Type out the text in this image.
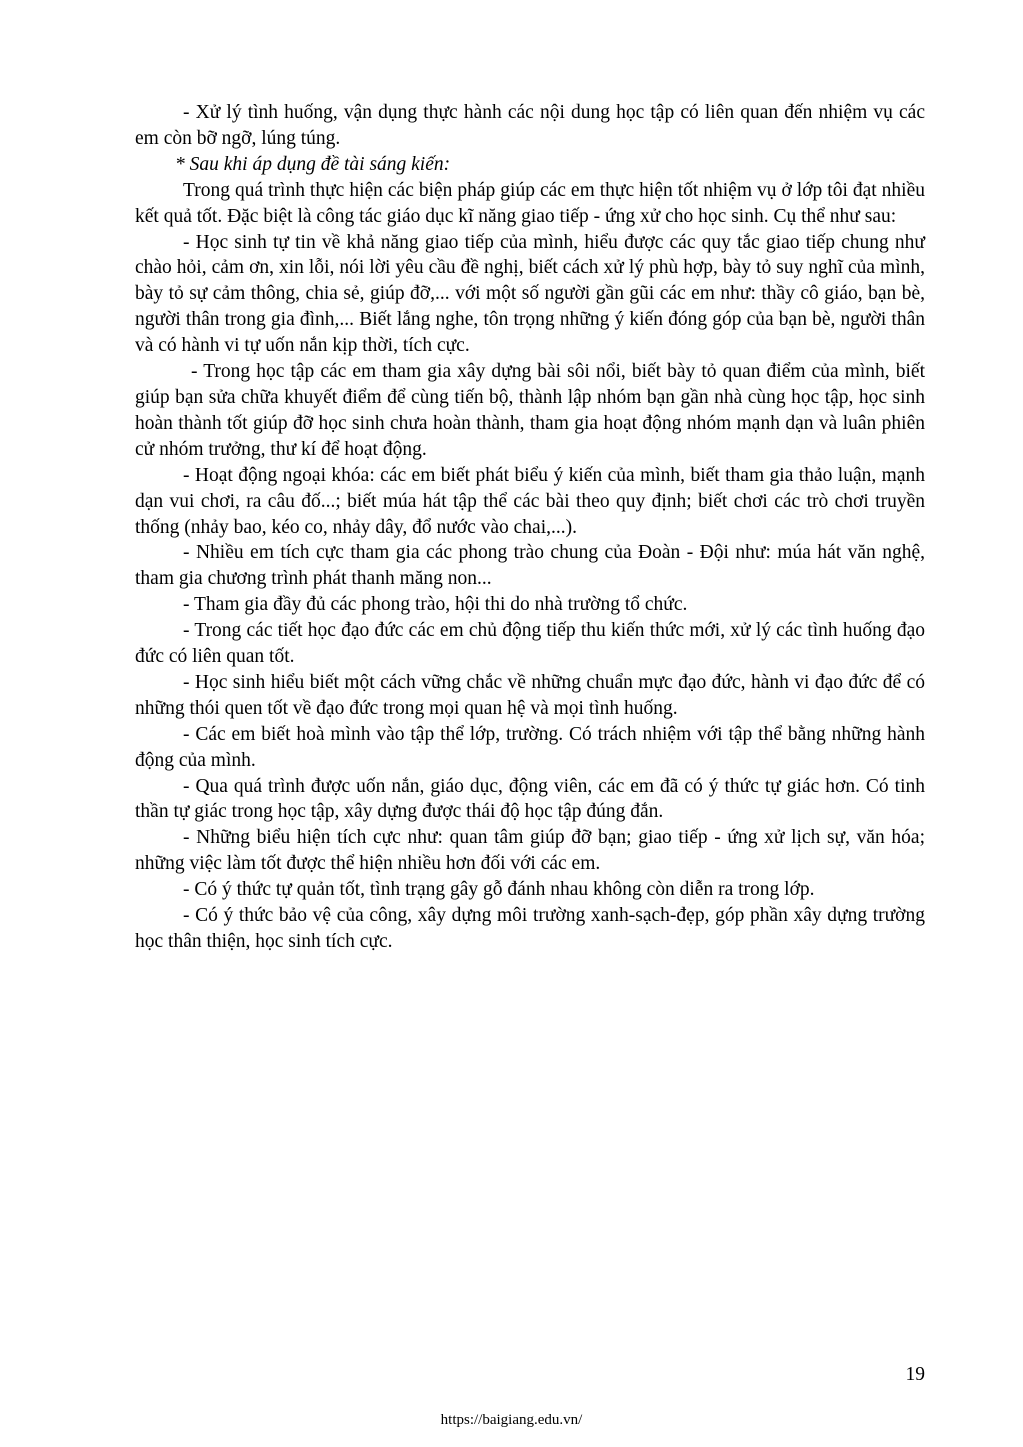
- Xử lý tình huống, vận dụng thực hành các nội dung học tập có liên quan đến nhiệm vụ các em còn bỡ ngỡ, lúng túng.

* Sau khi áp dụng đề tài sáng kiến:

Trong quá trình thực hiện các biện pháp giúp các em thực hiện tốt nhiệm vụ ở lớp tôi đạt nhiều kết quả tốt. Đặc biệt là công tác giáo dục kĩ năng giao tiếp - ứng xử cho học sinh. Cụ thể như sau:

- Học sinh tự tin về khả năng giao tiếp của mình, hiểu được các quy tắc giao tiếp chung như chào hỏi, cảm ơn, xin lỗi, nói lời yêu cầu đề nghị, biết cách xử lý phù hợp, bày tỏ suy nghĩ của mình, bày tỏ sự cảm thông, chia sẻ, giúp đỡ,... với một số người gần gũi các em như: thầy cô giáo, bạn bè, người thân trong gia đình,... Biết lắng nghe, tôn trọng những ý kiến đóng góp của bạn bè, người thân và có hành vi tự uốn nắn kịp thời, tích cực.

- Trong học tập các em tham gia xây dựng bài sôi nổi, biết bày tỏ quan điểm của mình, biết giúp bạn sửa chữa khuyết điểm để cùng tiến bộ, thành lập nhóm bạn gần nhà cùng học tập, học sinh hoàn thành tốt giúp đỡ học sinh chưa hoàn thành, tham gia hoạt động nhóm mạnh dạn và luân phiên cử nhóm trưởng, thư kí để hoạt động.

- Hoạt động ngoại khóa: các em biết phát biểu ý kiến của mình, biết tham gia thảo luận, mạnh dạn vui chơi, ra câu đố...; biết múa hát tập thể các bài theo quy định; biết chơi các trò chơi truyền thống (nhảy bao, kéo co, nhảy dây, đổ nước vào chai,...).

- Nhiều em tích cực tham gia các phong trào chung của Đoàn - Đội như: múa hát văn nghệ, tham gia chương trình phát thanh măng non...

- Tham gia đầy đủ các phong trào, hội thi do nhà trường tổ chức.

- Trong các tiết học đạo đức các em chủ động tiếp thu kiến thức mới, xử lý các tình huống đạo đức có liên quan tốt.

- Học sinh hiểu biết một cách vững chắc về những chuẩn mực đạo đức, hành vi đạo đức để có những thói quen tốt về đạo đức trong mọi quan hệ và mọi tình huống.

- Các em biết hoà mình vào tập thể lớp, trường. Có trách nhiệm với tập thể bằng những hành động của mình.

- Qua quá trình được uốn nắn, giáo dục, động viên, các em đã có ý thức tự giác hơn. Có tinh thần tự giác trong học tập, xây dựng được thái độ học tập đúng đắn.

- Những biểu hiện tích cực như: quan tâm giúp đỡ bạn; giao tiếp - ứng xử lịch sự, văn hóa; những việc làm tốt được thể hiện nhiều hơn đối với các em.

- Có ý thức tự quản tốt, tình trạng gây gỗ đánh nhau không còn diễn ra trong lớp.

- Có ý thức bảo vệ của công, xây dựng môi trường xanh-sạch-đẹp, góp phần xây dựng trường học thân thiện, học sinh tích cực.

19
https://baigiang.edu.vn/
